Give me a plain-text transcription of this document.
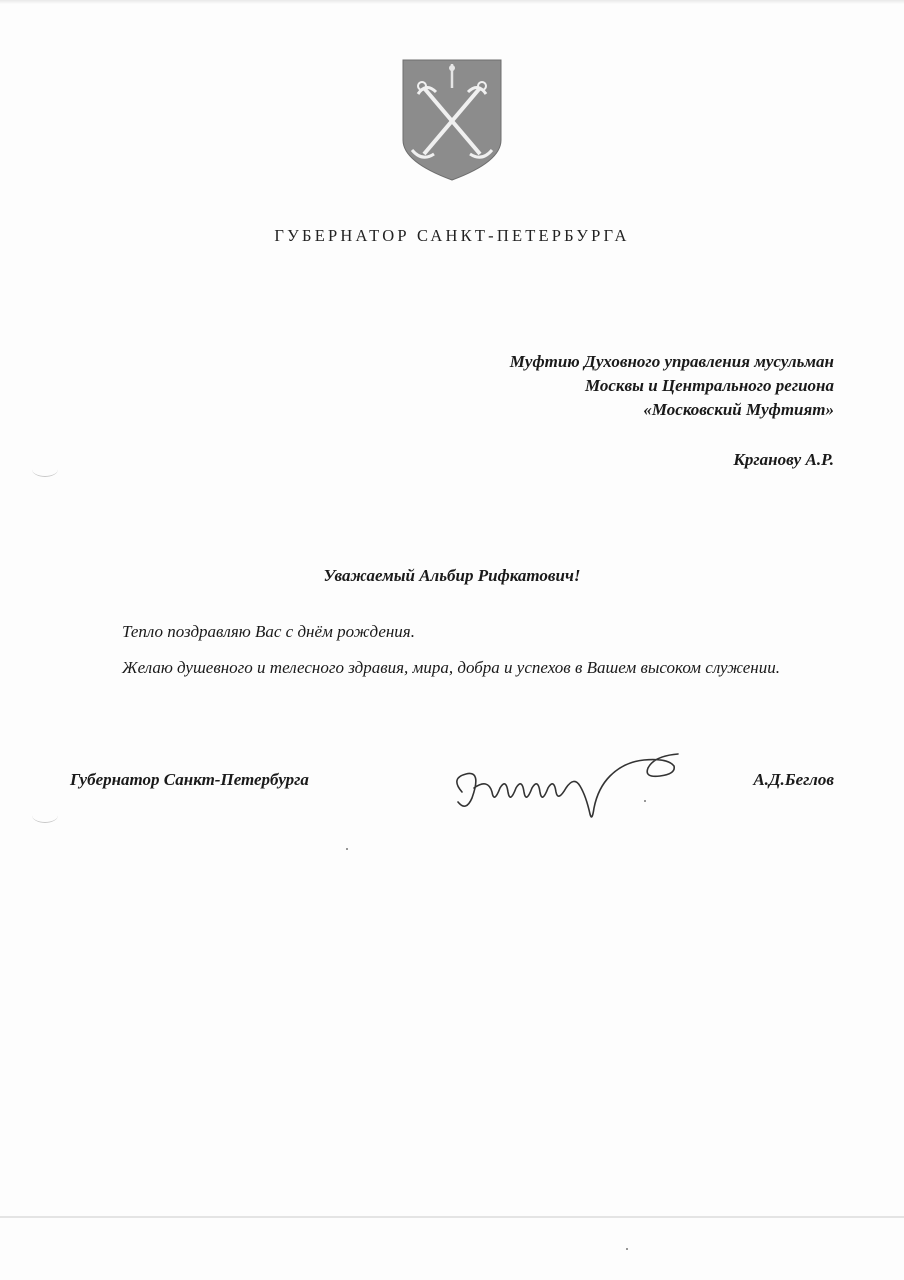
ГУБЕРНАТОР САНКТ-ПЕТЕРБУРГА
Муфтию Духовного управления мусульман
Москвы и Центрального региона
«Московский Муфтият»
Крганову А.Р.
Уважаемый Альбир Рифкатович!

Тепло поздравляю Вас с днём рождения.

Желаю душевного и телесного здравия, мира, добра и успехов в Вашем высоком служении.

Губернатор Санкт-Петербурга	А.Д.Беглов
